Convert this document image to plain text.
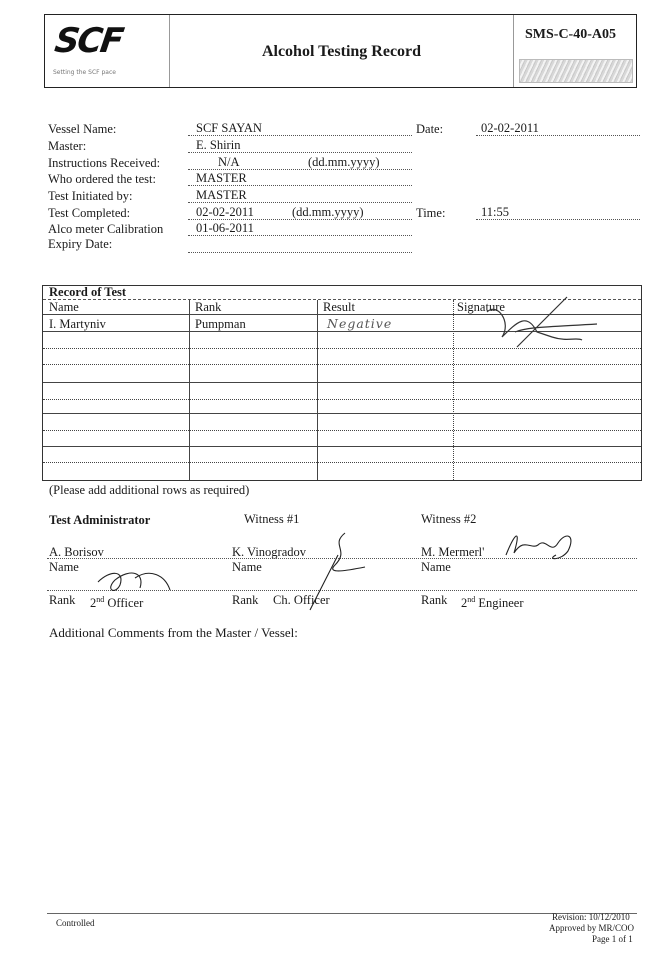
SCF
Setting the SCF pace
Alcohol Testing Record
SMS-C-40-A05
Vessel Name:	SCF SAYAN	Date:	02-02-2011
Master:	E. Shirin
Instructions Received:	N/A	(dd.mm.yyyy)
Who ordered the test:	MASTER
Test Initiated by:	MASTER
Test Completed:	02-02-2011	(dd.mm.yyyy)	Time:	11:55
Alco meter Calibration	01-06-2011
Expiry Date:
Record of Test
Name	Rank	Result	Signature
I. Martyniv	Pumpman	Negative
(Please add additional rows as required)
Test Administrator	Witness #1	Witness #2
A. Borisov	K. Vinogradov	M. Mermerl'
Name	Name	Name
Rank 2nd Officer	Rank Ch. Officer	Rank 2nd Engineer
Additional Comments from the Master / Vessel:
Controlled
Revision: 10/12/2010
Approved by MR/COO
Page 1 of 1
